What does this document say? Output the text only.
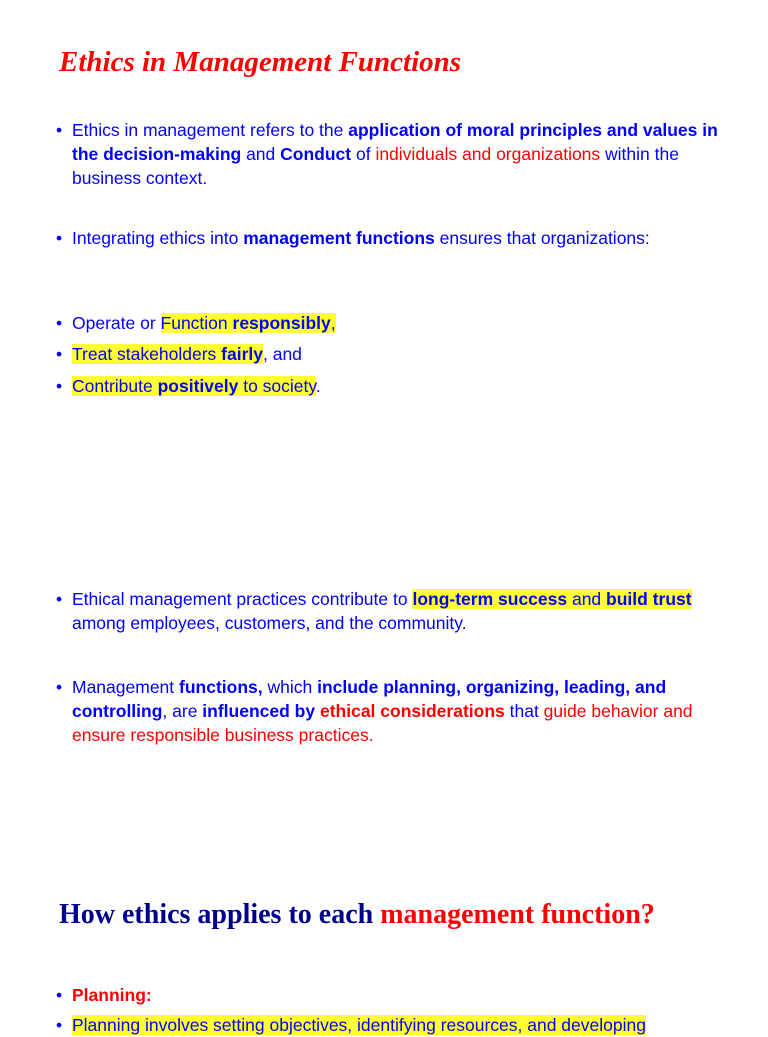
Ethics in Management Functions

• Ethics in management refers to the application of moral principles and values in the decision-making and Conduct of individuals and organizations within the business context.

• Integrating ethics into management functions ensures that organizations:

• Operate or Function responsibly,

• Treat stakeholders fairly, and

• Contribute positively to society.

• Ethical management practices contribute to long-term success and build trust among employees, customers, and the community.

• Management functions, which include planning, organizing, leading, and controlling, are influenced by ethical considerations that guide behavior and ensure responsible business practices.

How ethics applies to each management function?

• Planning:

• Planning involves setting objectives, identifying resources, and developing
